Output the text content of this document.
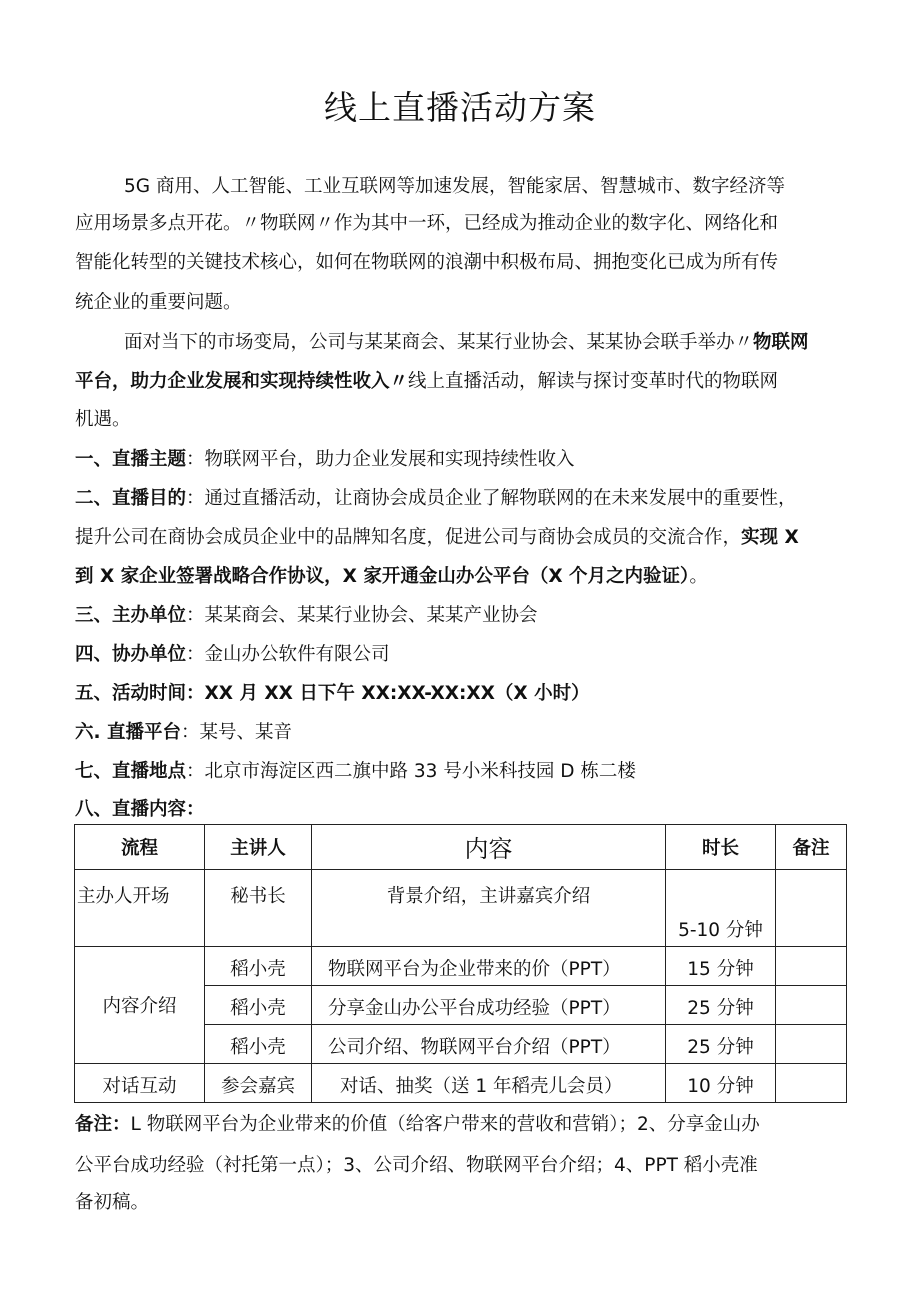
线上直播活动方案
5G 商用、人工智能、工业互联网等加速发展，智能家居、智慧城市、数字经济等
应用场景多点开花。〃物联网〃作为其中一环，已经成为推动企业的数字化、网络化和
智能化转型的关键技术核心，如何在物联网的浪潮中积极布局、拥抱变化已成为所有传
统企业的重要问题。
面对当下的市场变局，公司与某某商会、某某行业协会、某某协会联手举办〃物联网
平台，助力企业发展和实现持续性收入〃线上直播活动，解读与探讨变革时代的物联网
机遇。
一、直播主题：物联网平台，助力企业发展和实现持续性收入
二、直播目的：通过直播活动，让商协会成员企业了解物联网的在未来发展中的重要性，
提升公司在商协会成员企业中的品牌知名度，促进公司与商协会成员的交流合作，实现 X
到 X 家企业签署战略合作协议，X 家开通金山办公平台（X 个月之内验证）。
三、主办单位：某某商会、某某行业协会、某某产业协会
四、协办单位：金山办公软件有限公司
五、活动时间：XX 月 XX 日下午 XX:XX-XX:XX（X 小时）
六. 直播平台：某号、某音
七、直播地点：北京市海淀区西二旗中路 33 号小米科技园 D 栋二楼
八、直播内容：
流程	主讲人	内容	时长	备注
主办人开场	秘书长	背景介绍，主讲嘉宾介绍	5-10 分钟	
内容介绍	稻小壳	物联网平台为企业带来的价（PPT）	15 分钟	
	稻小壳	分享金山办公平台成功经验（PPT）	25 分钟	
	稻小壳	公司介绍、物联网平台介绍（PPT）	25 分钟	
对话互动	参会嘉宾	对话、抽奖（送 1 年稻壳儿会员）	10 分钟	
备注：L 物联网平台为企业带来的价值（给客户带来的营收和营销）；2、分享金山办
公平台成功经验（衬托第一点）；3、公司介绍、物联网平台介绍；4、PPT 稻小壳准
备初稿。
